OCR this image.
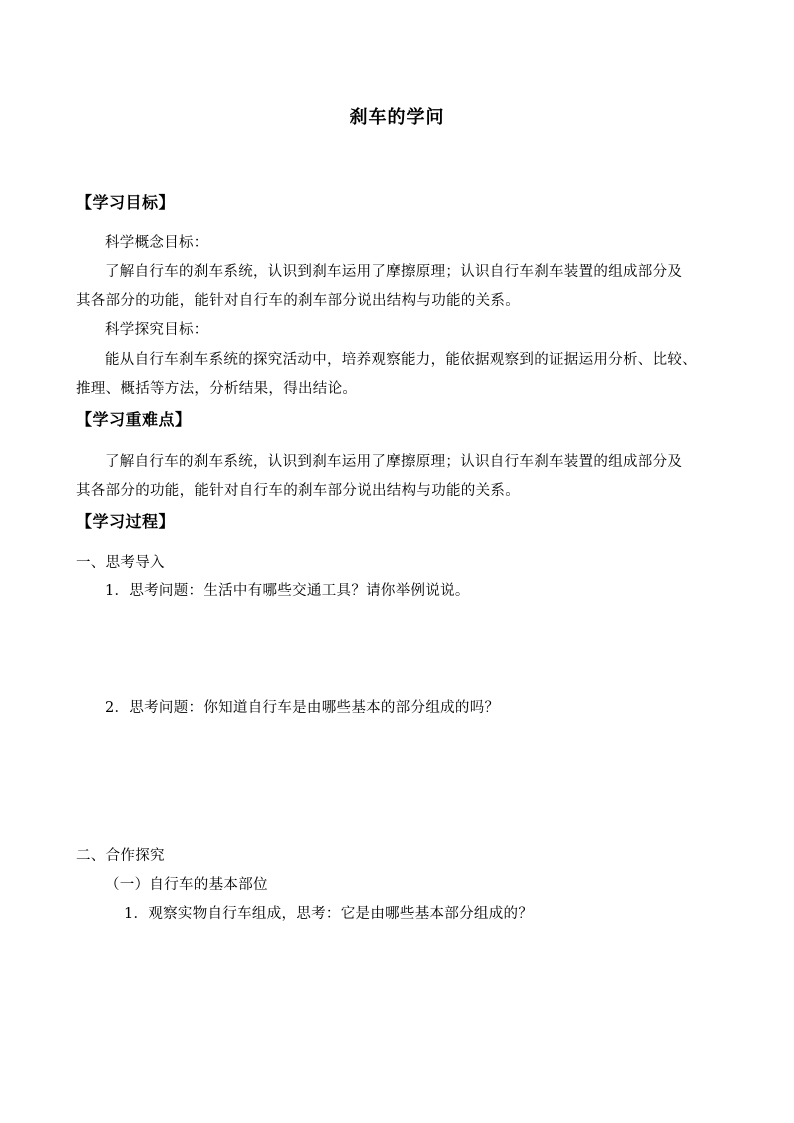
刹车的学问
【学习目标】
科学概念目标：
了解自行车的刹车系统，认识到刹车运用了摩擦原理；认识自行车刹车装置的组成部分及
其各部分的功能，能针对自行车的刹车部分说出结构与功能的关系。
科学探究目标：
能从自行车刹车系统的探究活动中，培养观察能力，能依据观察到的证据运用分析、比较、
推理、概括等方法，分析结果，得出结论。
【学习重难点】
了解自行车的刹车系统，认识到刹车运用了摩擦原理；认识自行车刹车装置的组成部分及
其各部分的功能，能针对自行车的刹车部分说出结构与功能的关系。
【学习过程】
一、思考导入
1．思考问题：生活中有哪些交通工具？请你举例说说。
2．思考问题：你知道自行车是由哪些基本的部分组成的吗？
二、合作探究
（一）自行车的基本部位
1．观察实物自行车组成，思考：它是由哪些基本部分组成的？
